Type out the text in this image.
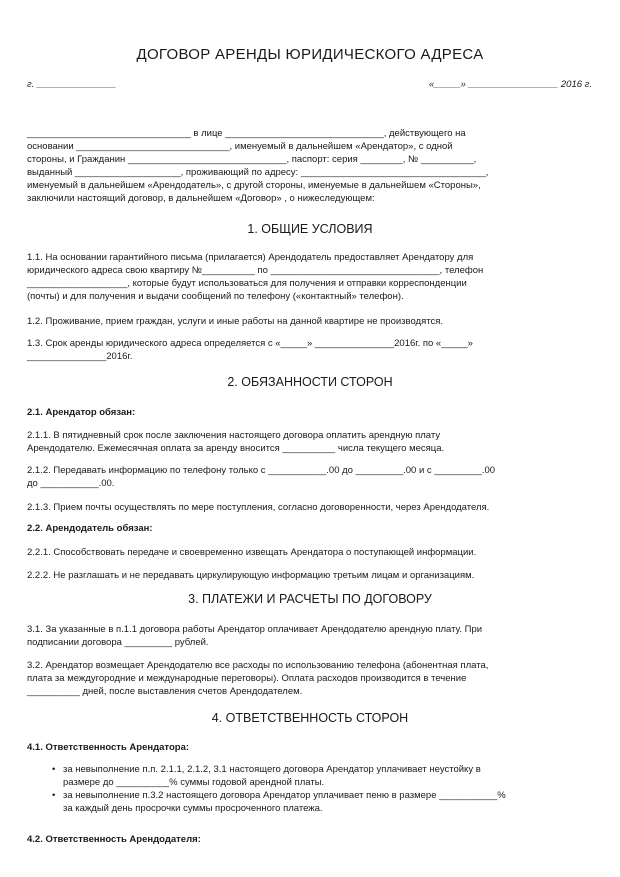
ДОГОВОР АРЕНДЫ ЮРИДИЧЕСКОГО АДРЕСА
г. _______________	«_____» _________________ 2016 г.
_______________________________ в лице ______________________________, действующего на
основании _____________________________, именуемый в дальнейшем «Арендатор», с одной
стороны, и Гражданин ______________________________, паспорт: серия ________, № __________,
выданный ____________________, проживающий по адресу: ___________________________________,
именуемый в дальнейшем «Арендодатель», с другой стороны, именуемые в дальнейшем «Стороны»,
заключили настоящий договор, в дальнейшем «Договор» , о нижеследующем:
1. ОБЩИЕ УСЛОВИЯ
1.1. На основании гарантийного письма (прилагается) Арендодатель предоставляет Арендатору для
юридического адреса свою квартиру №__________ по ________________________________, телефон
___________________, которые будут использоваться для получения и отправки корреспонденции
(почты) и для получения и выдачи сообщений по телефону («контактный» телефон).
1.2. Проживание, прием граждан, услуги и иные работы на данной квартире не производятся.
1.3. Срок аренды юридического адреса определяется с «_____» _______________2016г. по «_____»
_______________2016г.
2. ОБЯЗАННОСТИ СТОРОН
2.1. Арендатор обязан:
2.1.1. В пятидневный срок после заключения настоящего договора оплатить арендную плату
Арендодателю. Ежемесячная оплата за аренду вносится __________ числа текущего месяца.
2.1.2. Передавать информацию по телефону только с ___________.00 до _________.00 и с _________.00
до ___________.00.
2.1.3. Прием почты осуществлять по мере поступления, согласно договоренности, через Арендодателя.
2.2. Арендодатель обязан:
2.2.1. Способствовать передаче и своевременно извещать Арендатора о поступающей информации.
2.2.2. Не разглашать и не передавать циркулирующую информацию третьим лицам и организациям.
3. ПЛАТЕЖИ И РАСЧЕТЫ ПО ДОГОВОРУ
3.1. За указанные в п.1.1 договора работы Арендатор оплачивает Арендодателю арендную плату. При
подписании договора _________ рублей.
3.2. Арендатор возмещает Арендодателю все расходы по использованию телефона (абонентная плата,
плата за междугородние и международные переговоры). Оплата расходов производится в течение
__________ дней, после выставления счетов Арендодателем.
4. ОТВЕТСТВЕННОСТЬ СТОРОН
4.1. Ответственность Арендатора:
• за невыполнение п.п. 2.1.1, 2.1.2, 3.1 настоящего договора Арендатор уплачивает неустойку в
размере до __________% суммы годовой арендной платы.
• за невыполнение п.3.2 настоящего договора Арендатор уплачивает пеню в размере ___________%
за каждый день просрочки суммы просроченного платежа.
4.2. Ответственность Арендодателя:
